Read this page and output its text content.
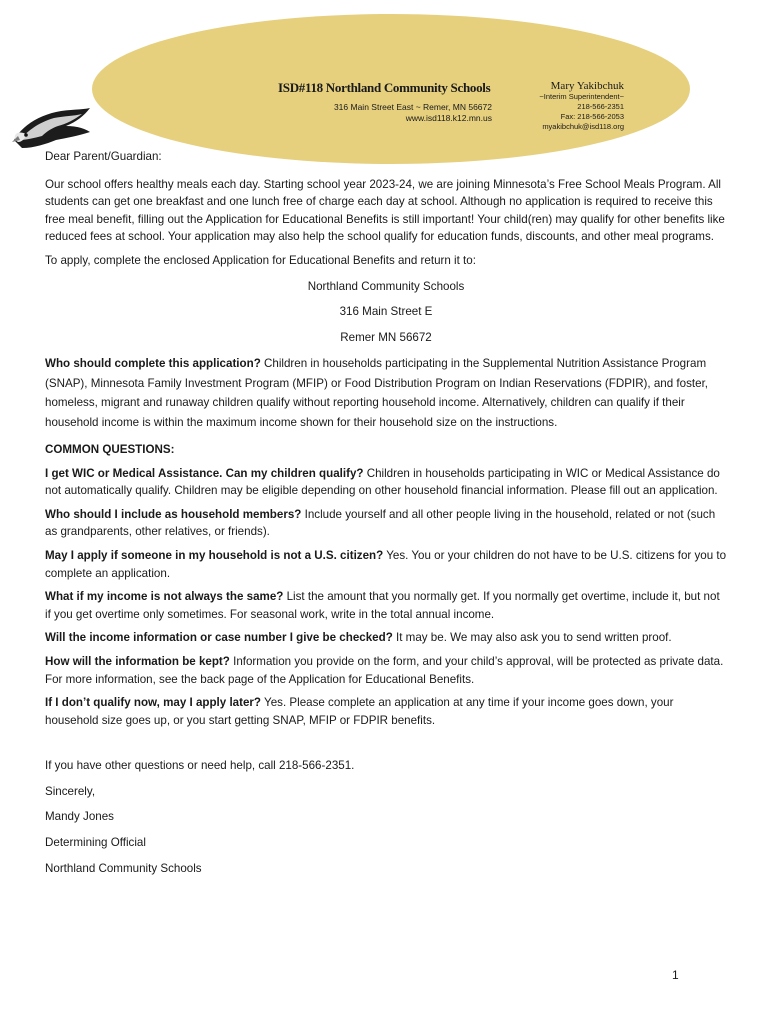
ISD#118 Northland Community Schools
316 Main Street East ~ Remer, MN 56672
www.isd118.k12.mn.us
Mary Yakibchuk
~Interim Superintendent~
218-566-2351
Fax: 218-566-2053
myakibchuk@isd118.org

Dear Parent/Guardian:

Our school offers healthy meals each day. Starting school year 2023-24, we are joining Minnesota’s Free School Meals Program. All students can get one breakfast and one lunch free of charge each day at school. Although no application is required to receive this free meal benefit, filling out the Application for Educational Benefits is still important! Your child(ren) may qualify for other benefits like reduced fees at school. Your application may also help the school qualify for education funds, discounts, and other meal programs.

To apply, complete the enclosed Application for Educational Benefits and return it to:

Northland Community Schools

316 Main Street E

Remer MN 56672

Who should complete this application? Children in households participating in the Supplemental Nutrition Assistance Program (SNAP), Minnesota Family Investment Program (MFIP) or Food Distribution Program on Indian Reservations (FDPIR), and foster, homeless, migrant and runaway children qualify without reporting household income. Alternatively, children can qualify if their household income is within the maximum income shown for their household size on the instructions.

COMMON QUESTIONS:

I get WIC or Medical Assistance. Can my children qualify? Children in households participating in WIC or Medical Assistance do not automatically qualify. Children may be eligible depending on other household financial information. Please fill out an application.

Who should I include as household members? Include yourself and all other people living in the household, related or not (such as grandparents, other relatives, or friends).

May I apply if someone in my household is not a U.S. citizen? Yes. You or your children do not have to be U.S. citizens for you to complete an application.

What if my income is not always the same? List the amount that you normally get. If you normally get overtime, include it, but not if you get overtime only sometimes. For seasonal work, write in the total annual income.

Will the income information or case number I give be checked? It may be. We may also ask you to send written proof.

How will the information be kept? Information you provide on the form, and your child’s approval, will be protected as private data. For more information, see the back page of the Application for Educational Benefits.

If I don’t qualify now, may I apply later? Yes. Please complete an application at any time if your income goes down, your household size goes up, or you start getting SNAP, MFIP or FDPIR benefits.

If you have other questions or need help, call 218-566-2351.

Sincerely,

Mandy Jones

Determining Official

Northland Community Schools

1
